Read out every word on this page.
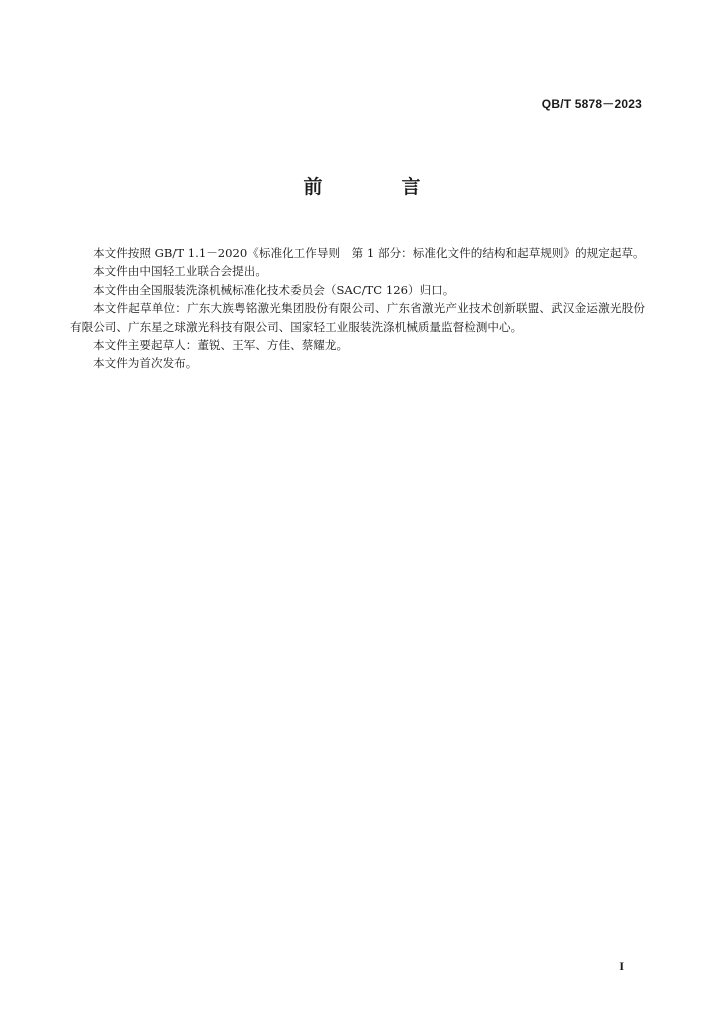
QB/T 5878－2023
前　言

本文件按照 GB/T 1.1－2020《标准化工作导则　第 1 部分：标准化文件的结构和起草规则》的规定起草。

本文件由中国轻工业联合会提出。

本文件由全国服装洗涤机械标准化技术委员会（SAC/TC 126）归口。

本文件起草单位：广东大族粤铭激光集团股份有限公司、广东省激光产业技术创新联盟、武汉金运激光股份有限公司、广东星之球激光科技有限公司、国家轻工业服装洗涤机械质量监督检测中心。

本文件主要起草人：董锐、王军、方佳、蔡耀龙。

本文件为首次发布。

I
